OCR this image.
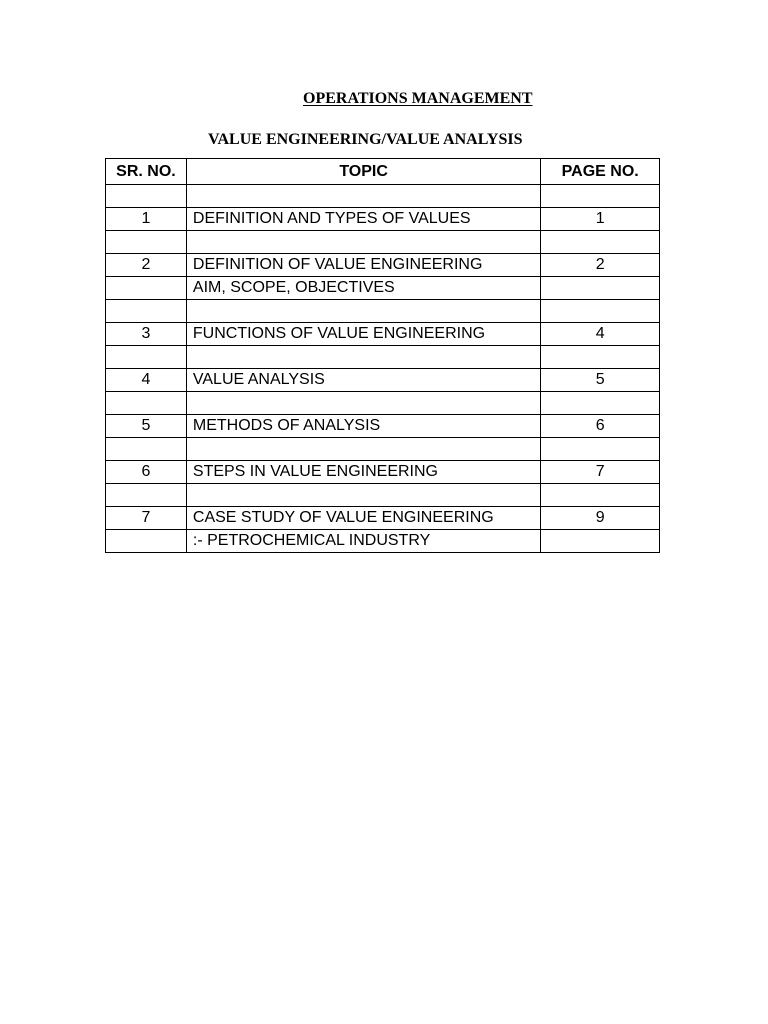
OPERATIONS MANAGEMENT
VALUE ENGINEERING/VALUE ANALYSIS
SR. NO.	TOPIC	PAGE NO.

1	DEFINITION AND TYPES OF VALUES	1

2	DEFINITION OF VALUE ENGINEERING	2
	AIM, SCOPE, OBJECTIVES	

3	FUNCTIONS OF VALUE ENGINEERING	4

4	VALUE ANALYSIS	5

5	METHODS OF ANALYSIS	6

6	STEPS IN VALUE ENGINEERING	7

7	CASE STUDY OF VALUE ENGINEERING	9
	:- PETROCHEMICAL INDUSTRY	
